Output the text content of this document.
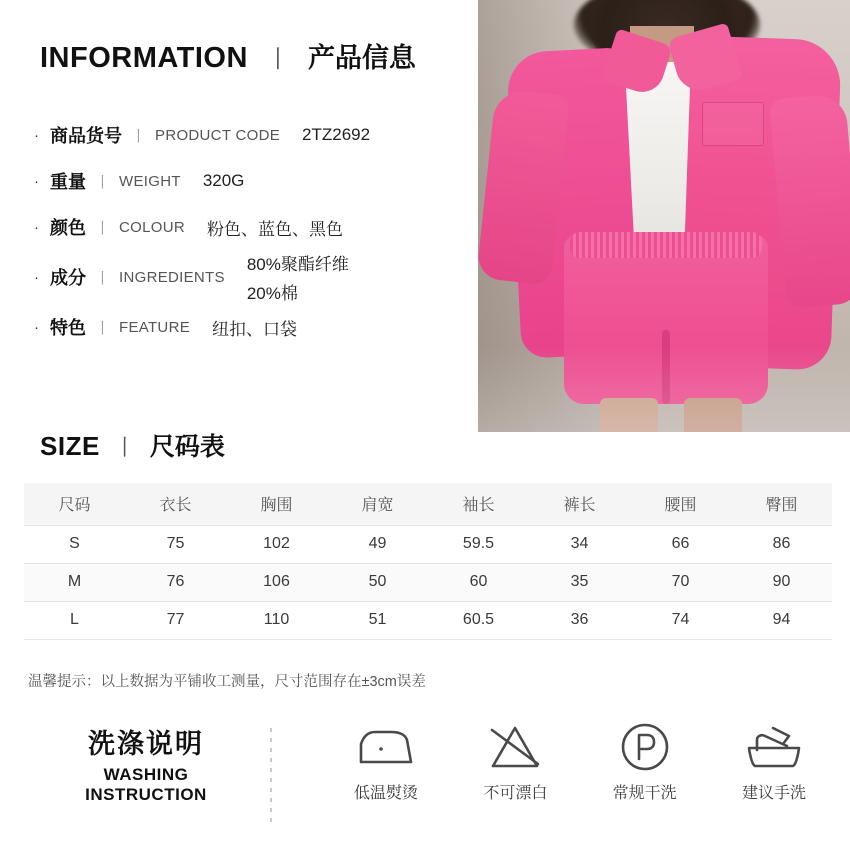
INFORMATION 丨 产品信息
· 商品货号 丨 PRODUCT CODE	2TZ2692
· 重量 丨 WEIGHT	320G
· 颜色 丨 COLOUR	粉色、蓝色、黑色
· 成分 丨 INGREDIENTS
80%聚酯纤维
20%棉
· 特色 丨 FEATURE	纽扣、口袋
SIZE 丨 尺码表
尺码	衣长	胸围	肩宽	袖长	裤长	腰围	臀围
S	75	102	49	59.5	34	66	86
M	76	106	50	60	35	70	90
L	77	110	51	60.5	36	74	94
温馨提示：以上数据为平铺收工测量，尺寸范围存在±3cm误差
洗涤说明
WASHING
INSTRUCTION	低温熨烫	不可漂白	常规干洗	建议手洗
